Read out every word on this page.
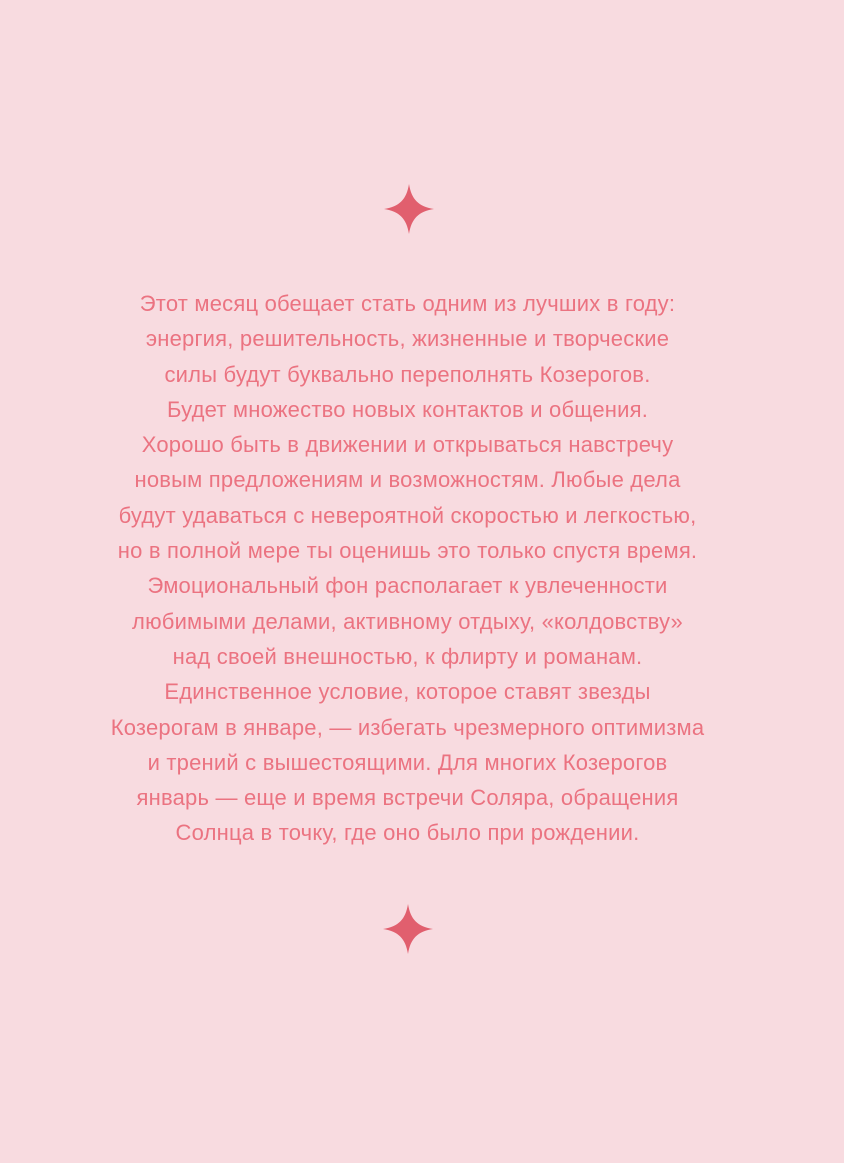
Этот месяц обещает стать одним из лучших в году:
энергия, решительность, жизненные и творческие
силы будут буквально переполнять Козерогов.
Будет множество новых контактов и общения.
Хорошо быть в движении и открываться навстречу
новым предложениям и возможностям. Любые дела
будут удаваться с невероятной скоростью и легкостью,
но в полной мере ты оценишь это только спустя время.
Эмоциональный фон располагает к увлеченности
любимыми делами, активному отдыху, «колдовству»
над своей внешностью, к флирту и романам.
Единственное условие, которое ставят звезды
Козерогам в январе, — избегать чрезмерного оптимизма
и трений с вышестоящими. Для многих Козерогов
январь — еще и время встречи Соляра, обращения
Солнца в точку, где оно было при рождении.
